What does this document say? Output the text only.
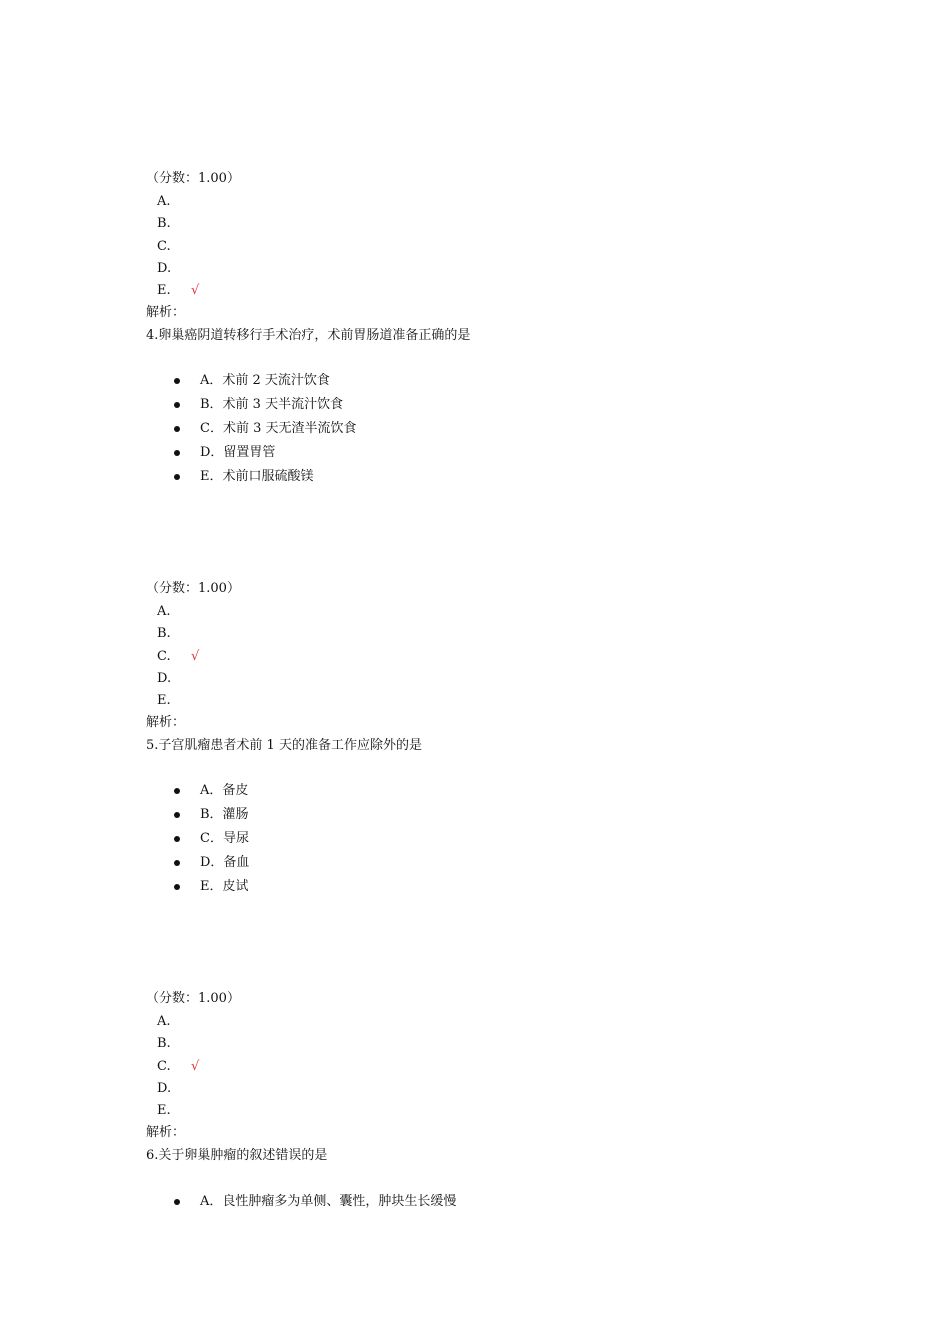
（分数：1.00）
A.
B.
C.
D.
E. √
解析：
4.卵巢癌阴道转移行手术治疗，术前胃肠道准备正确的是
A．术前 2 天流汁饮食
B．术前 3 天半流汁饮食
C．术前 3 天无渣半流饮食
D．留置胃管
E．术前口服硫酸镁
（分数：1.00）
A.
B.
C. √
D.
E.
解析：
5.子宫肌瘤患者术前 1 天的准备工作应除外的是
A．备皮
B．灌肠
C．导尿
D．备血
E．皮试
（分数：1.00）
A.
B.
C. √
D.
E.
解析：
6.关于卵巢肿瘤的叙述错误的是
A．良性肿瘤多为单侧、囊性，肿块生长缓慢
